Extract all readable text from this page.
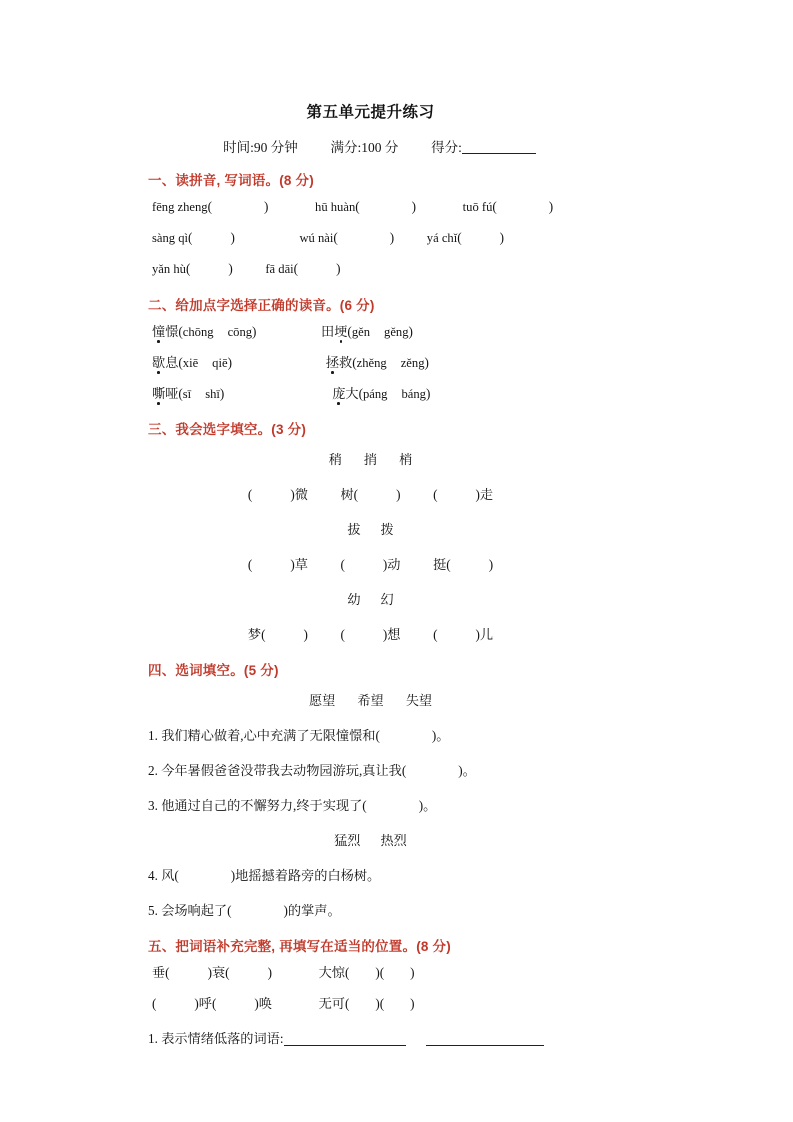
第五单元提升练习
时间:90 分钟 满分:100 分 得分:
一、读拼音, 写词语。(8 分)
fēng zheng(	)	hū huàn(	)	tuō fú(	)
sàng qì(	)	wú nài(	)	yá chǐ(	)
yǎn hù(	)	fā dāi(	)
二、给加点字选择正确的读音。(6 分)
憧憬(chōng cōng)	田埂(gěn gěng)
歇息(xiē qiē)	拯救(zhěng zěng)
嘶哑(sī shī)	庞大(páng báng)
三、我会选字填空。(3 分)
稍 捎 梢
(	)微 树(	) (	)走
拔 拨
(	)草 (	)动 挺(	)
幼 幻
梦(	) (	)想 (	)儿
四、选词填空。(5 分)
愿望 希望 失望
1. 我们精心做着,心中充满了无限憧憬和(	)。
2. 今年暑假爸爸没带我去动物园游玩,真让我(	)。
3. 他通过自己的不懈努力,终于实现了(	)。
猛烈 热烈
4. 风(	)地摇撼着路旁的白杨树。
5. 会场响起了(	)的掌声。
五、把词语补充完整, 再填写在适当的位置。(8 分)
垂(	)衰(	)	大惊( )( )
(	)呼(	)唤	无可( )( )
1. 表示情绪低落的词语:
